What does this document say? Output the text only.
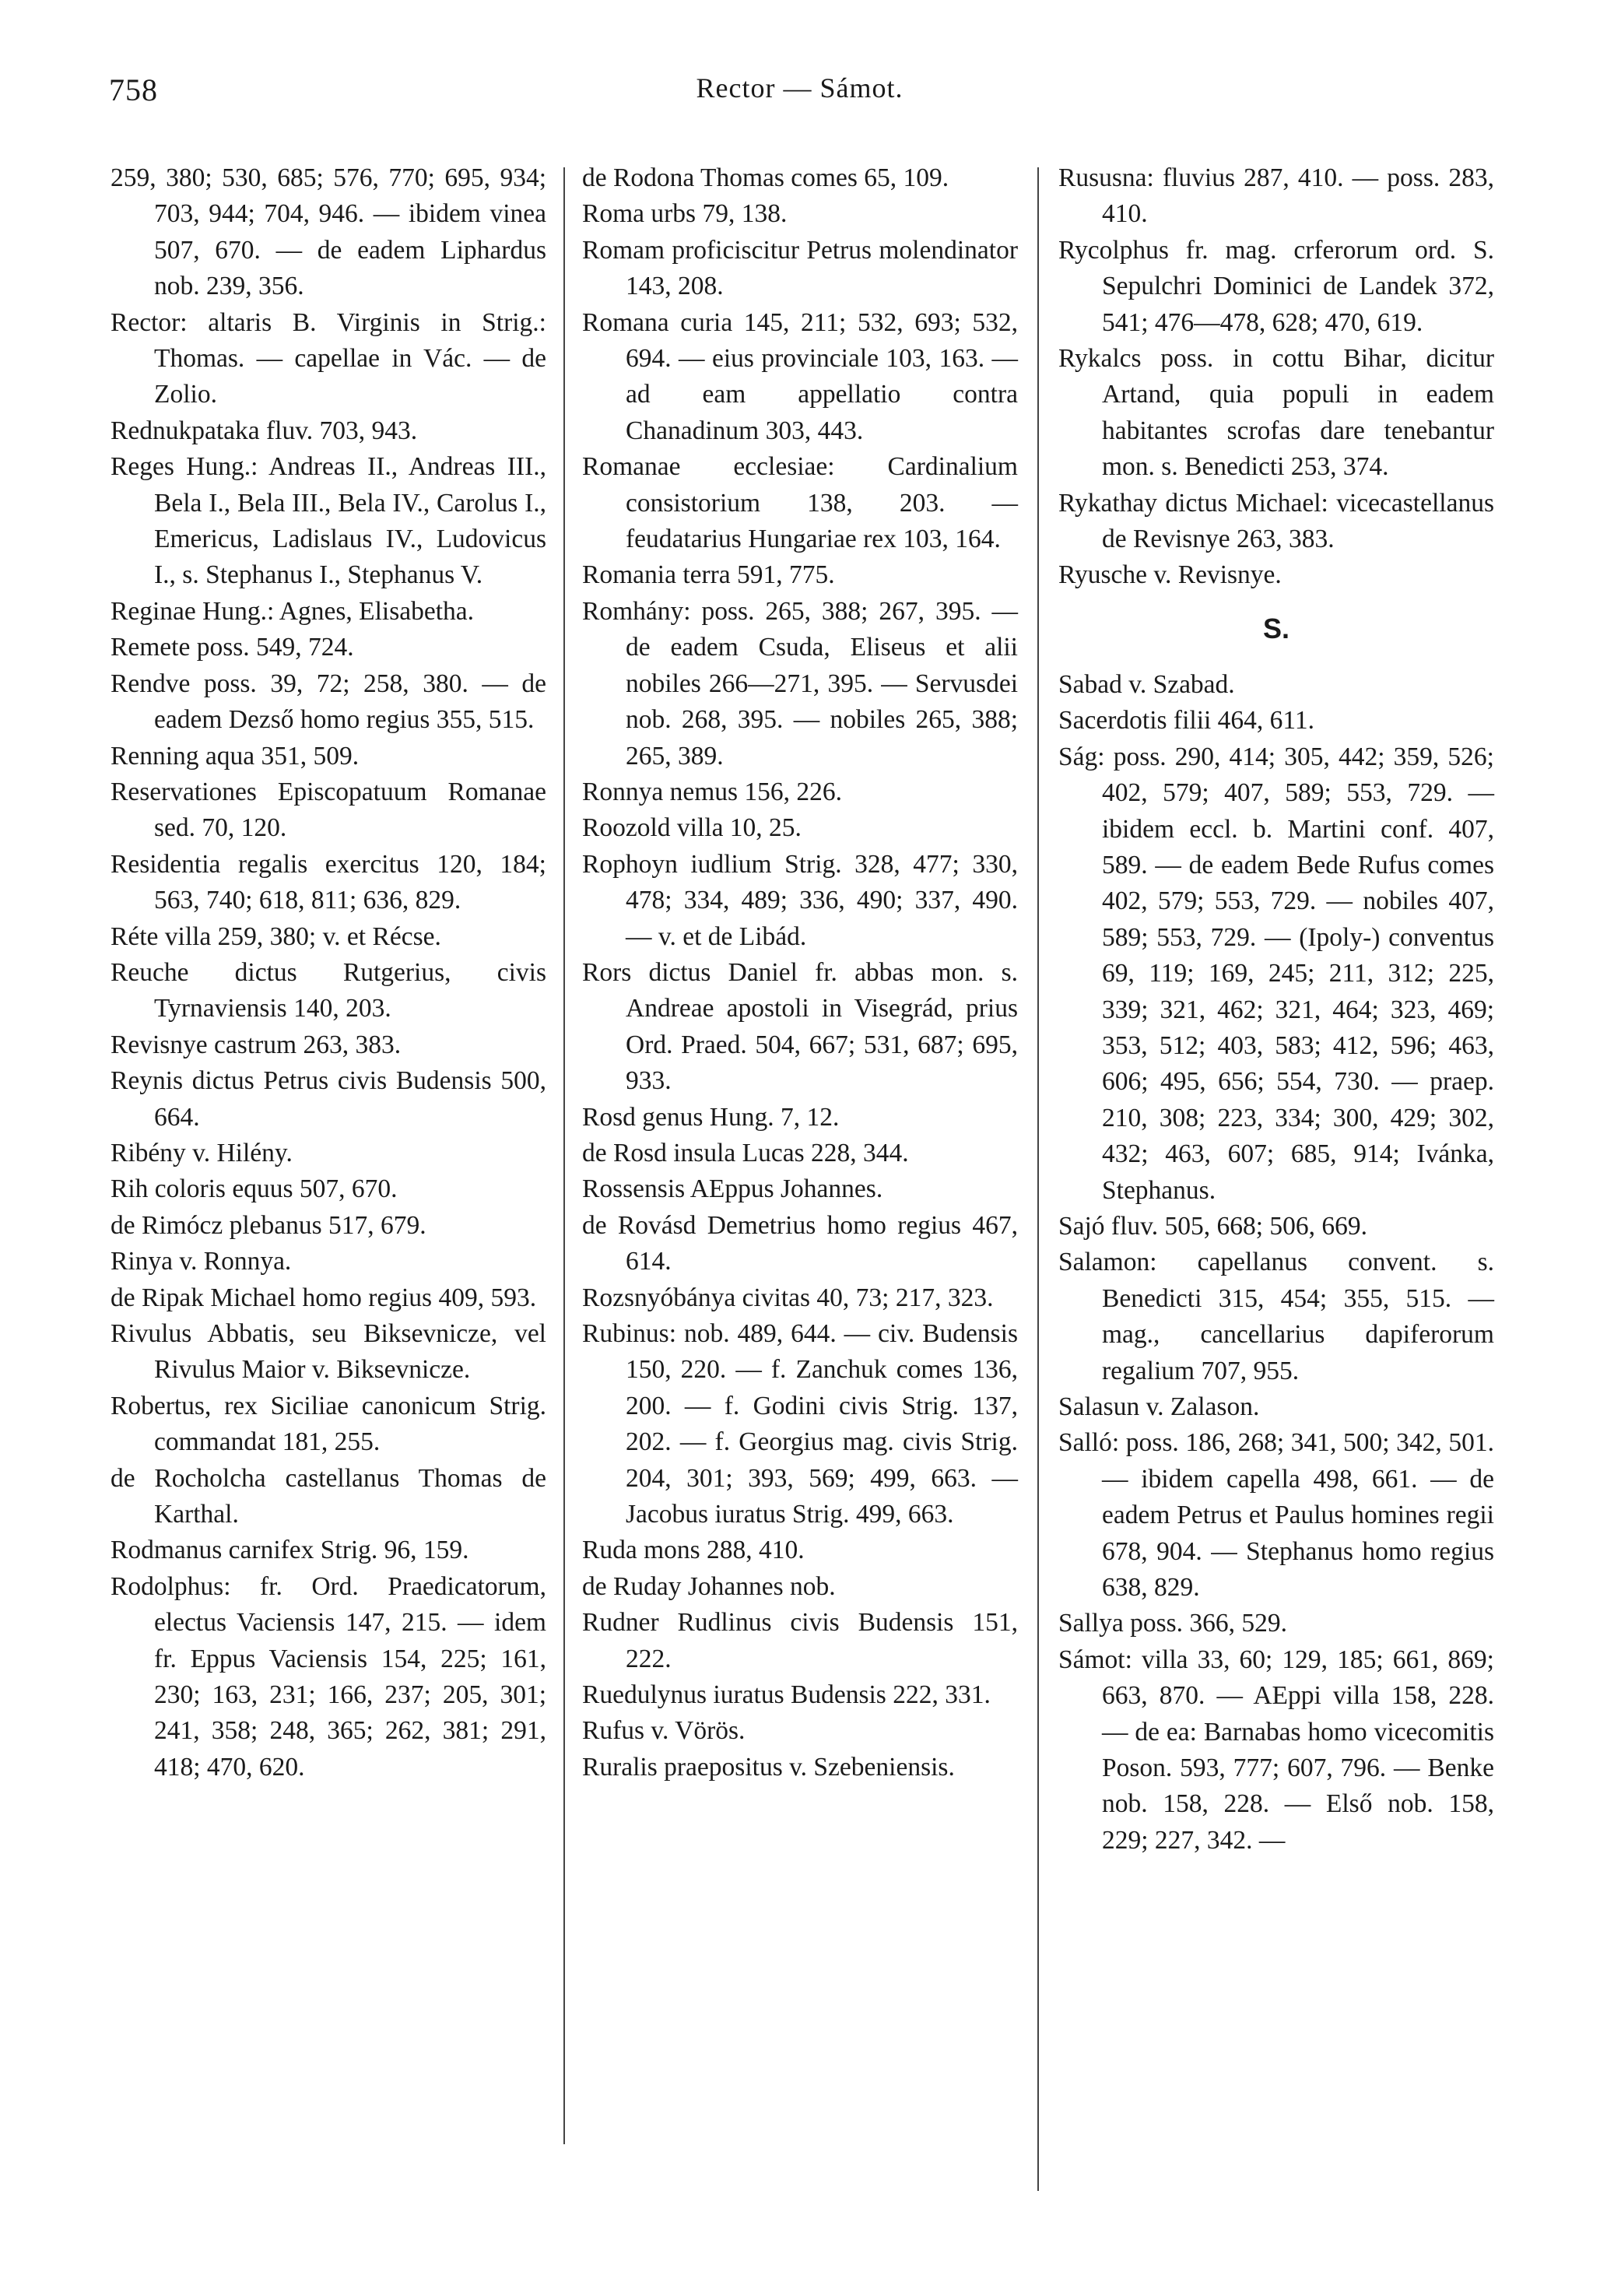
758	Rector — Sámot.

259, 380; 530, 685; 576, 770; 695, 934; 703, 944; 704, 946. — ibidem vinea 507, 670. — de eadem Liphardus nob. 239, 356.

Rector: altaris B. Virginis in Strig.: Thomas. — capellae in Vác. — de Zolio.

Rednukpataka fluv. 703, 943.

Reges Hung.: Andreas II., Andreas III., Bela I., Bela III., Bela IV., Carolus I., Emericus, Ladislaus IV., Ludovicus I., s. Stephanus I., Stephanus V.

Reginae Hung.: Agnes, Elisabetha.

Remete poss. 549, 724.

Rendve poss. 39, 72; 258, 380. — de eadem Dezső homo regius 355, 515.

Renning aqua 351, 509.

Reservationes Episcopatuum Romanae sed. 70, 120.

Residentia regalis exercitus 120, 184; 563, 740; 618, 811; 636, 829.

Réte villa 259, 380; v. et Récse.

Reuche dictus Rutgerius, civis Tyrnaviensis 140, 203.

Revisnye castrum 263, 383.

Reynis dictus Petrus civis Budensis 500, 664.

Ribény v. Hilény.

Rih coloris equus 507, 670.

de Rimócz plebanus 517, 679.

Rinya v. Ronnya.

de Ripak Michael homo regius 409, 593.

Rivulus Abbatis, seu Biksevnicze, vel Rivulus Maior v. Biksevnicze.

Robertus, rex Siciliae canonicum Strig. commandat 181, 255.

de Rocholcha castellanus Thomas de Karthal.

Rodmanus carnifex Strig. 96, 159.

Rodolphus: fr. Ord. Praedicatorum, electus Vaciensis 147, 215. — idem fr. Eppus Vaciensis 154, 225; 161, 230; 163, 231; 166, 237; 205, 301; 241, 358; 248, 365; 262, 381; 291, 418; 470, 620.

de Rodona Thomas comes 65, 109.

Roma urbs 79, 138.

Romam proficiscitur Petrus molendinator 143, 208.

Romana curia 145, 211; 532, 693; 532, 694. — eius provinciale 103, 163. — ad eam appellatio contra Chanadinum 303, 443.

Romanae ecclesiae: Cardinalium consistorium 138, 203. — feudatarius Hungariae rex 103, 164.

Romania terra 591, 775.

Romhány: poss. 265, 388; 267, 395. — de eadem Csuda, Eliseus et alii nobiles 266—271, 395. — Servusdei nob. 268, 395. — nobiles 265, 388; 265, 389.

Ronnya nemus 156, 226.

Roozold villa 10, 25.

Rophoyn iudlium Strig. 328, 477; 330, 478; 334, 489; 336, 490; 337, 490. — v. et de Libád.

Rors dictus Daniel fr. abbas mon. s. Andreae apostoli in Visegrád, prius Ord. Praed. 504, 667; 531, 687; 695, 933.

Rosd genus Hung. 7, 12.

de Rosd insula Lucas 228, 344.

Rossensis AEppus Johannes.

de Rovásd Demetrius homo regius 467, 614.

Rozsnyóbánya civitas 40, 73; 217, 323.

Rubinus: nob. 489, 644. — civ. Budensis 150, 220. — f. Zanchuk comes 136, 200. — f. Godini civis Strig. 137, 202. — f. Georgius mag. civis Strig. 204, 301; 393, 569; 499, 663. — Jacobus iuratus Strig. 499, 663.

Ruda mons 288, 410.

de Ruday Johannes nob.

Rudner Rudlinus civis Budensis 151, 222.

Ruedulynus iuratus Budensis 222, 331.

Rufus v. Vörös.

Ruralis praepositus v. Szebeniensis.

Rususna: fluvius 287, 410. — poss. 283, 410.

Rycolphus fr. mag. crferorum ord. S. Sepulchri Dominici de Landek 372, 541; 476—478, 628; 470, 619.

Rykalcs poss. in cottu Bihar, dicitur Artand, quia populi in eadem habitantes scrofas dare tenebantur mon. s. Benedicti 253, 374.

Rykathay dictus Michael: vicecastellanus de Revisnye 263, 383.

Ryusche v. Revisnye.

S.

Sabad v. Szabad.

Sacerdotis filii 464, 611.

Ság: poss. 290, 414; 305, 442; 359, 526; 402, 579; 407, 589; 553, 729. — ibidem eccl. b. Martini conf. 407, 589. — de eadem Bede Rufus comes 402, 579; 553, 729. — nobiles 407, 589; 553, 729. — (Ipoly-) conventus 69, 119; 169, 245; 211, 312; 225, 339; 321, 462; 321, 464; 323, 469; 353, 512; 403, 583; 412, 596; 463, 606; 495, 656; 554, 730. — praep. 210, 308; 223, 334; 300, 429; 302, 432; 463, 607; 685, 914; Ivánka, Stephanus.

Sajó fluv. 505, 668; 506, 669.

Salamon: capellanus convent. s. Benedicti 315, 454; 355, 515. — mag., cancellarius dapiferorum regalium 707, 955.

Salasun v. Zalason.

Salló: poss. 186, 268; 341, 500; 342, 501. — ibidem capella 498, 661. — de eadem Petrus et Paulus homines regii 678, 904. — Stephanus homo regius 638, 829.

Sallya poss. 366, 529.

Sámot: villa 33, 60; 129, 185; 661, 869; 663, 870. — AEppi villa 158, 228. — de ea: Barnabas homo vicecomitis Poson. 593, 777; 607, 796. — Benke nob. 158, 228. — Első nob. 158, 229; 227, 342. —
